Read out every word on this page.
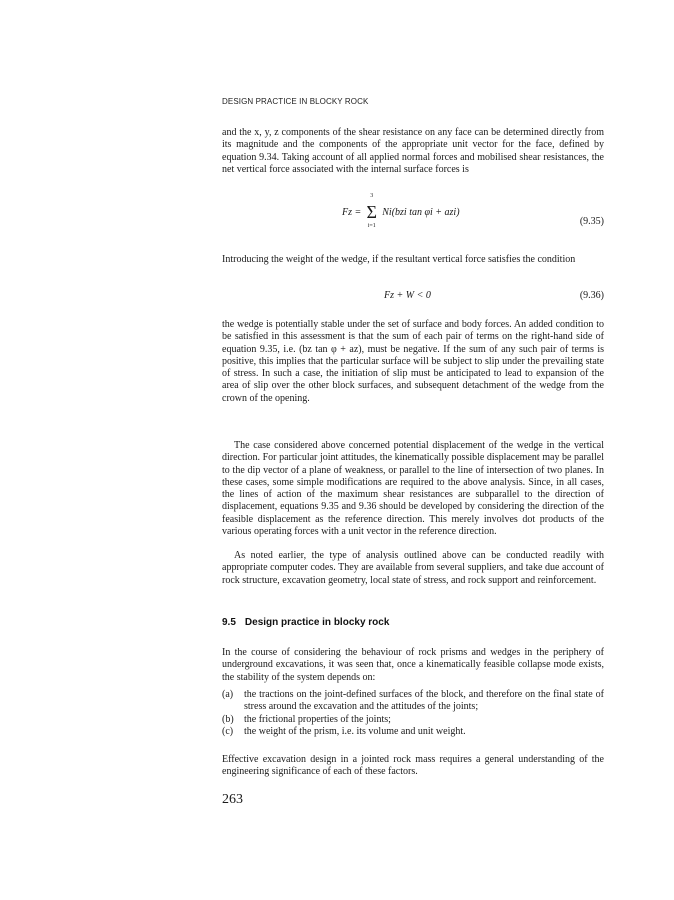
DESIGN PRACTICE IN BLOCKY ROCK

and the x, y, z components of the shear resistance on any face can be determined directly from its magnitude and the components of the appropriate unit vector for the face, defined by equation 9.34. Taking account of all applied normal forces and mobilised shear resistances, the net vertical force associated with the internal surface forces is

Fz =
3
Σ
i=1
Ni(bzi tan φi + azi)
(9.35)

Introducing the weight of the wedge, if the resultant vertical force satisfies the condition

Fz + W < 0	(9.36)

the wedge is potentially stable under the set of surface and body forces. An added condition to be satisfied in this assessment is that the sum of each pair of terms on the right-hand side of equation 9.35, i.e. (bz tan φ + az), must be negative. If the sum of any such pair of terms is positive, this implies that the particular surface will be subject to slip under the prevailing state of stress. In such a case, the initiation of slip must be anticipated to lead to expansion of the area of slip over the other block surfaces, and subsequent detachment of the wedge from the crown of the opening.

The case considered above concerned potential displacement of the wedge in the vertical direction. For particular joint attitudes, the kinematically possible displacement may be parallel to the dip vector of a plane of weakness, or parallel to the line of intersection of two planes. In these cases, some simple modifications are required to the above analysis. Since, in all cases, the lines of action of the maximum shear resistances are subparallel to the direction of displacement, equations 9.35 and 9.36 should be developed by considering the direction of the feasible displacement as the reference direction. This merely involves dot products of the various operating forces with a unit vector in the reference direction.

As noted earlier, the type of analysis outlined above can be conducted readily with appropriate computer codes. They are available from several suppliers, and take due account of rock structure, excavation geometry, local state of stress, and rock support and reinforcement.

9.5 Design practice in blocky rock

In the course of considering the behaviour of rock prisms and wedges in the periphery of underground excavations, it was seen that, once a kinematically feasible collapse mode exists, the stability of the system depends on:

(a) the tractions on the joint-defined surfaces of the block, and therefore on the final state of stress around the excavation and the attitudes of the joints;
(b) the frictional properties of the joints;
(c) the weight of the prism, i.e. its volume and unit weight.

Effective excavation design in a jointed rock mass requires a general understanding of the engineering significance of each of these factors.

263
